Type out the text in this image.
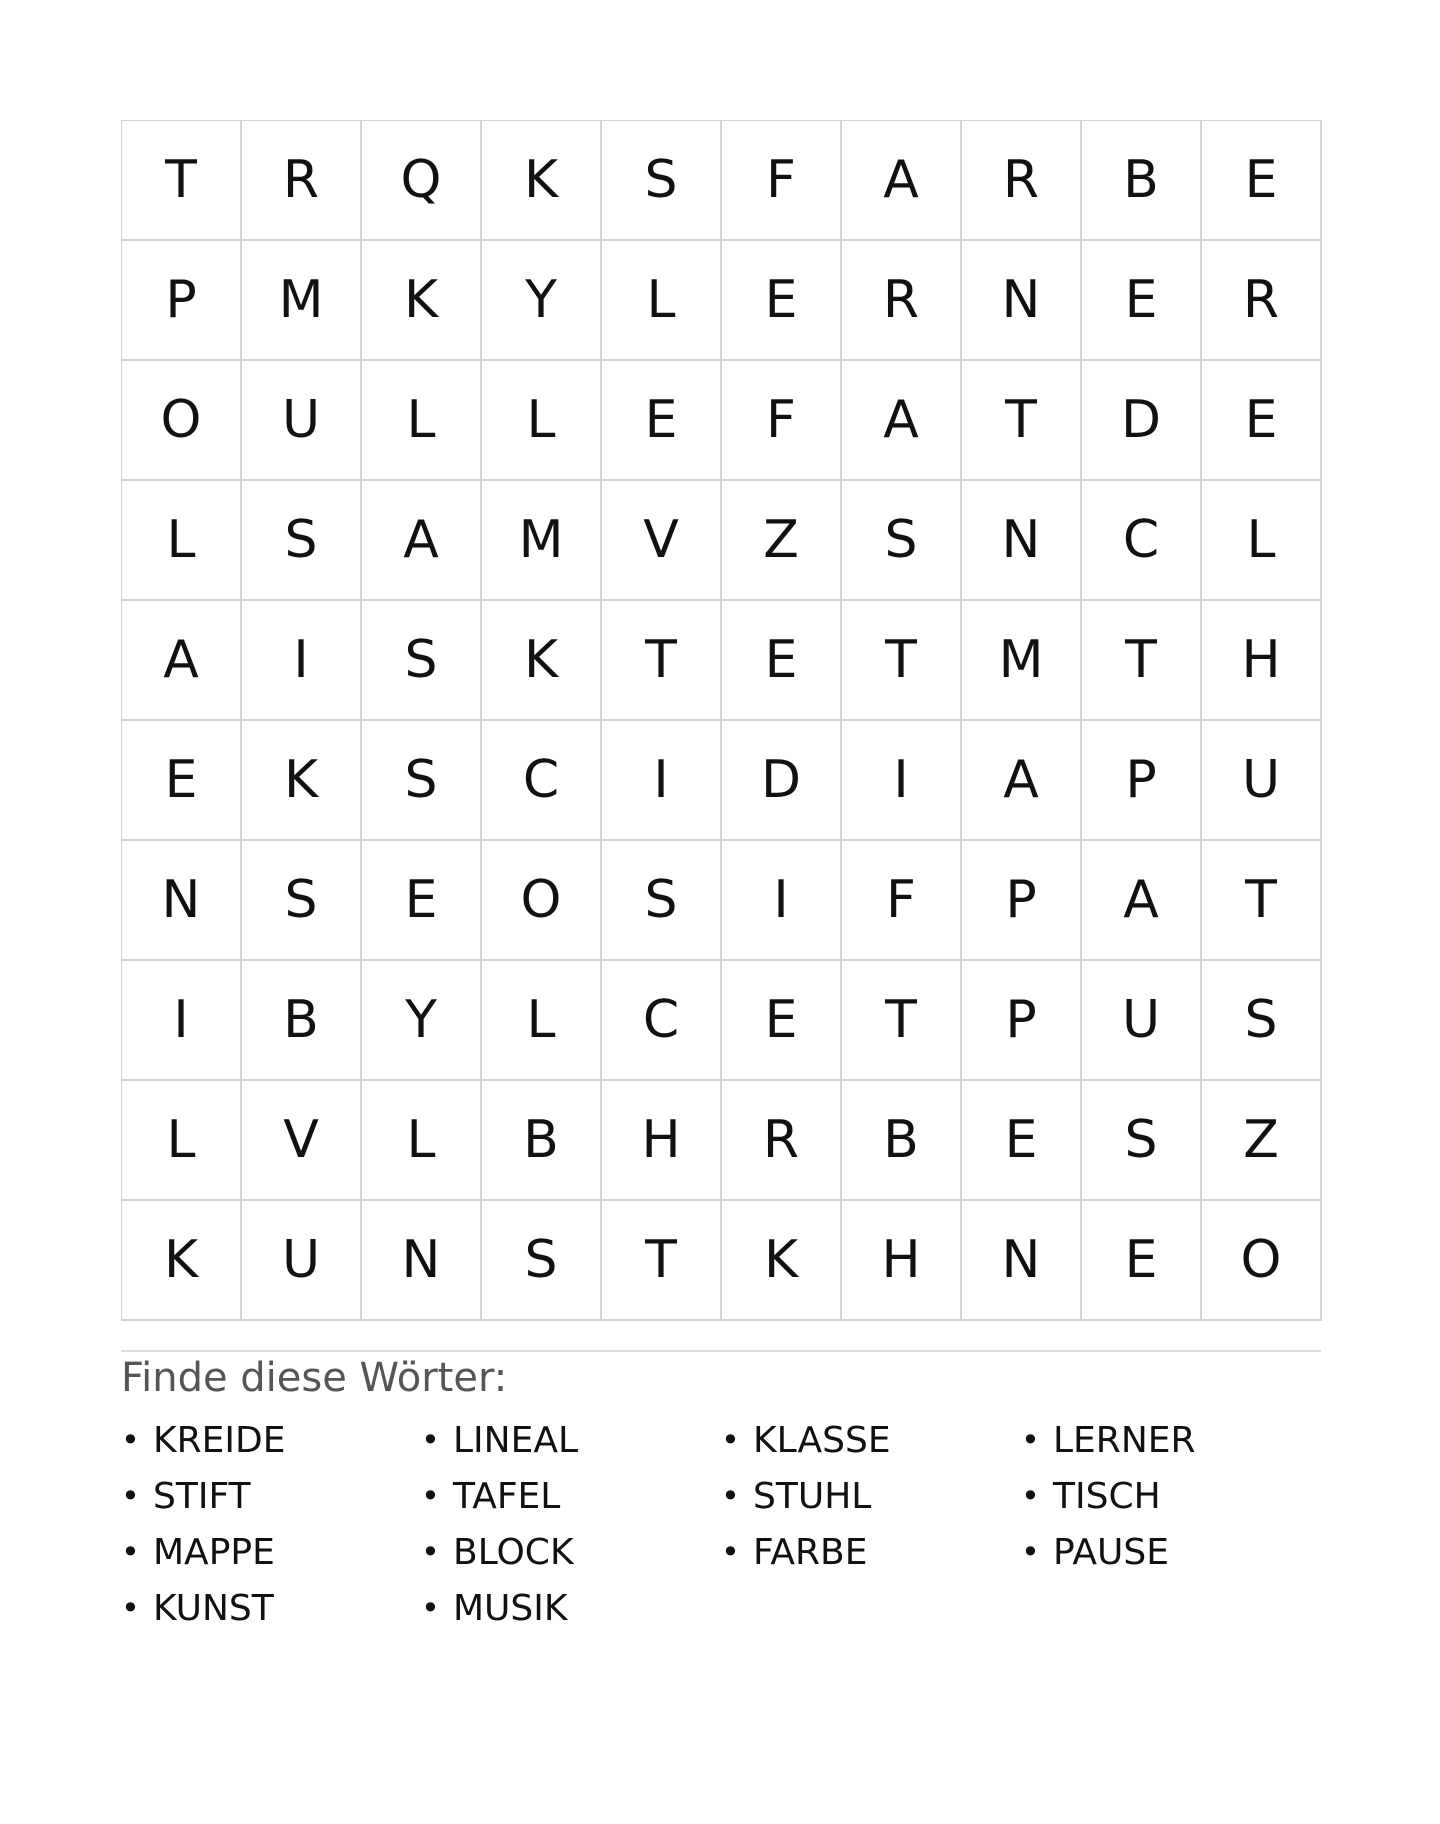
T	R	Q	K	S	F	A	R	B	E
P	M	K	Y	L	E	R	N	E	R
O	U	L	L	E	F	A	T	D	E
L	S	A	M	V	Z	S	N	C	L
A	I	S	K	T	E	T	M	T	H
E	K	S	C	I	D	I	A	P	U
N	S	E	O	S	I	F	P	A	T
I	B	Y	L	C	E	T	P	U	S
L	V	L	B	H	R	B	E	S	Z
K	U	N	S	T	K	H	N	E	O
Finde diese Wörter:
• KREIDE	• LINEAL	• KLASSE	• LERNER
• STIFT	• TAFEL	• STUHL	• TISCH
• MAPPE	• BLOCK	• FARBE	• PAUSE
• KUNST	• MUSIK
